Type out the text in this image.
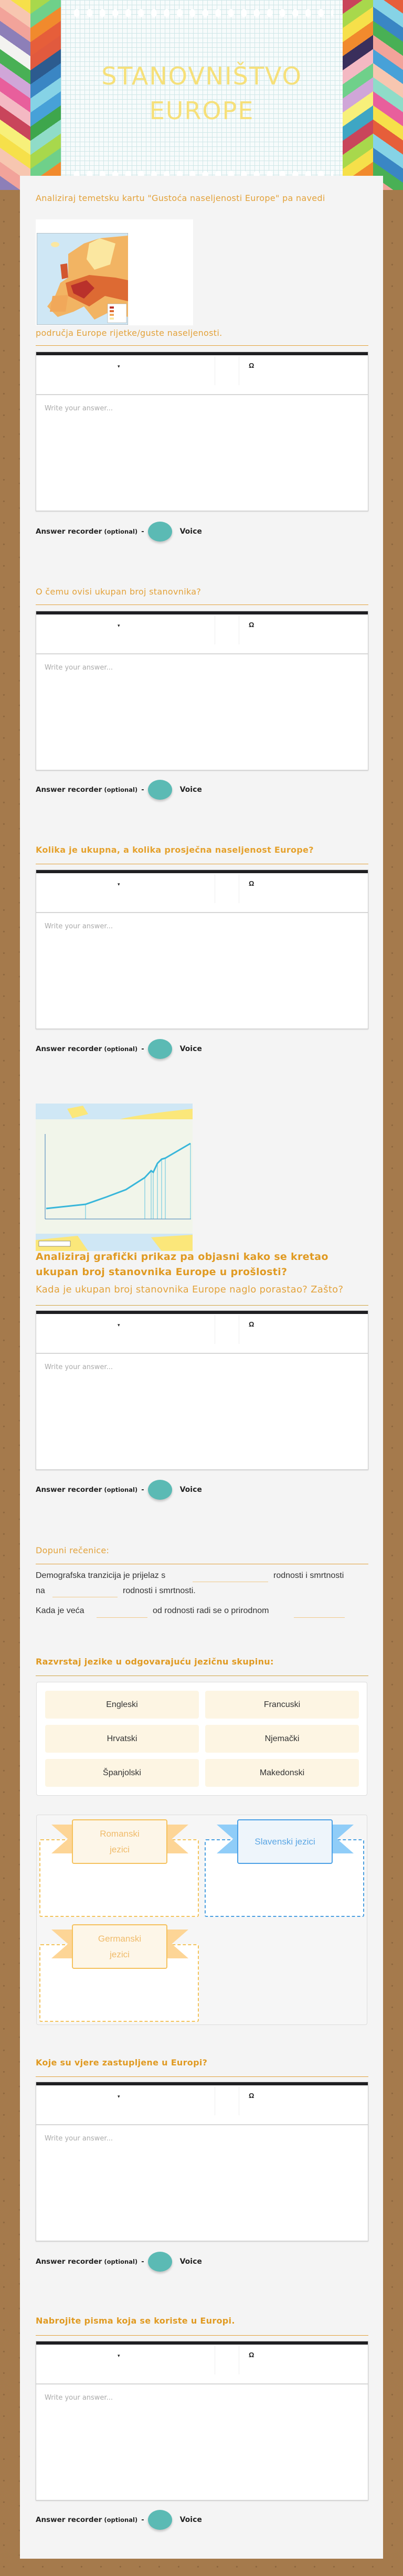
STANOVNIŠTVO
EUROPE
Analiziraj temetsku kartu "Gustoća naseljenosti Europe" pa navedi
područja Europe rijetke/guste naseljenosti.
▾	Ω
Write your answer...
Answer recorder (optional) -	Voice
O čemu ovisi ukupan broj stanovnika?
▾	Ω
Write your answer...
Answer recorder (optional) -	Voice
Kolika je ukupna, a kolika prosječna naseljenost Europe?
▾	Ω
Write your answer...
Answer recorder (optional) -	Voice
Analiziraj grafički prikaz pa objasni kako se kretao ukupan broj stanovnika Europe u prošlosti?
Kada je ukupan broj stanovnika Europe naglo porastao? Zašto?
▾	Ω
Write your answer...
Answer recorder (optional) -	Voice
Dopuni rečenice:
Demografska tranzicija je prijelaz s	rodnosti i smrtnosti
na	rodnosti i smrtnosti.
Kada je veća	od rodnosti radi se o prirodnom
Razvrstaj jezike u odgovarajuću jezičnu skupinu:
Engleski	Francuski
Hrvatski	Njemački
Španjolski	Makedonski
Romanski jezici
Slavenski jezici
Germanski jezici
Koje su vjere zastupljene u Europi?
▾	Ω
Write your answer...
Answer recorder (optional) -	Voice
Nabrojite pisma koja se koriste u Europi.
▾	Ω
Write your answer...
Answer recorder (optional) -	Voice
